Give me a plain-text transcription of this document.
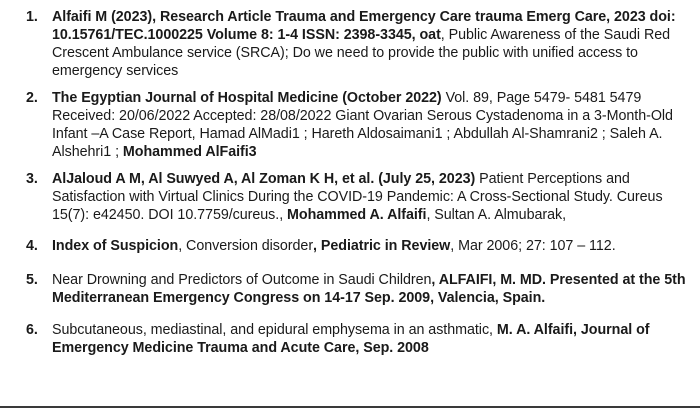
1. Alfaifi M (2023), Research Article Trauma and Emergency Care trauma Emerg Care, 2023 doi: 10.15761/TEC.1000225 Volume 8: 1-4 ISSN: 2398-3345, oat, Public Awareness of the Saudi Red Crescent Ambulance service (SRCA); Do we need to provide the public with unified access to emergency services
2. The Egyptian Journal of Hospital Medicine (October 2022) Vol. 89, Page 5479- 5481 5479 Received: 20/06/2022 Accepted: 28/08/2022 Giant Ovarian Serous Cystadenoma in a 3-Month-Old Infant –A Case Report, Hamad AlMadi1 ; Hareth Aldosaimani1 ; Abdullah Al-Shamrani2 ; Saleh A. Alshehri1 ; Mohammed AlFaifi3
3. AlJaloud A M, Al Suwyed A, Al Zoman K H, et al. (July 25, 2023) Patient Perceptions and Satisfaction with Virtual Clinics During the COVID-19 Pandemic: A Cross-Sectional Study. Cureus 15(7): e42450. DOI 10.7759/cureus., Mohammed A. Alfaifi, Sultan A. Almubarak,
4. Index of Suspicion, Conversion disorder, Pediatric in Review, Mar 2006; 27: 107 – 112.
5. Near Drowning and Predictors of Outcome in Saudi Children, ALFAIFI, M. MD. Presented at the 5th Mediterranean Emergency Congress on 14-17 Sep. 2009, Valencia, Spain.
6. Subcutaneous, mediastinal, and epidural emphysema in an asthmatic, M. A. Alfaifi, Journal of Emergency Medicine Trauma and Acute Care, Sep. 2008
